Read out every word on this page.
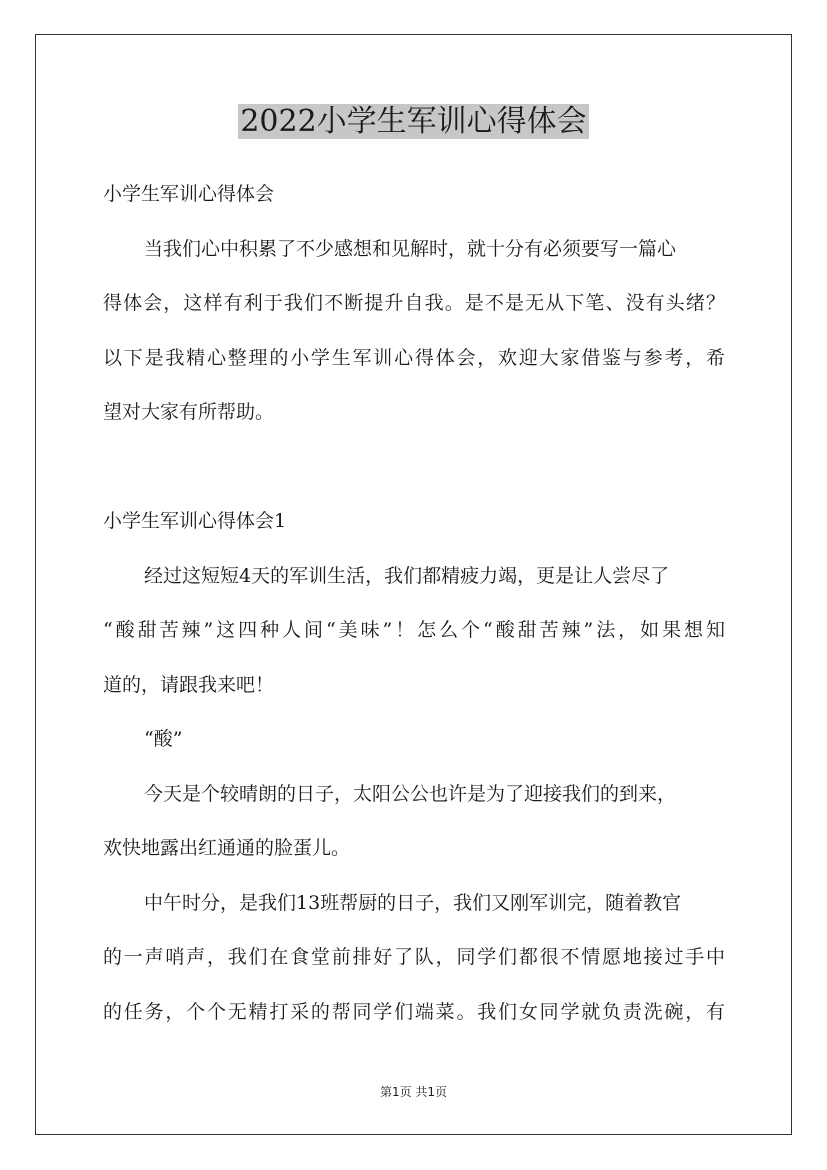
2022小学生军训心得体会
小学生军训心得体会
当我们心中积累了不少感想和见解时，就十分有必须要写一篇心
得体会，这样有利于我们不断提升自我。是不是无从下笔、没有头绪？
以下是我精心整理的小学生军训心得体会，欢迎大家借鉴与参考，希
望对大家有所帮助。
小学生军训心得体会1
经过这短短4天的军训生活，我们都精疲力竭，更是让人尝尽了
“酸甜苦辣”这四种人间“美味”！怎么个“酸甜苦辣”法，如果想知
道的，请跟我来吧！
“酸”
今天是个较晴朗的日子，太阳公公也许是为了迎接我们的到来，
欢快地露出红通通的脸蛋儿。
中午时分，是我们13班帮厨的日子，我们又刚军训完，随着教官
的一声哨声，我们在食堂前排好了队，同学们都很不情愿地接过手中
的任务，个个无精打采的帮同学们端菜。我们女同学就负责洗碗，有
第1页 共1页
